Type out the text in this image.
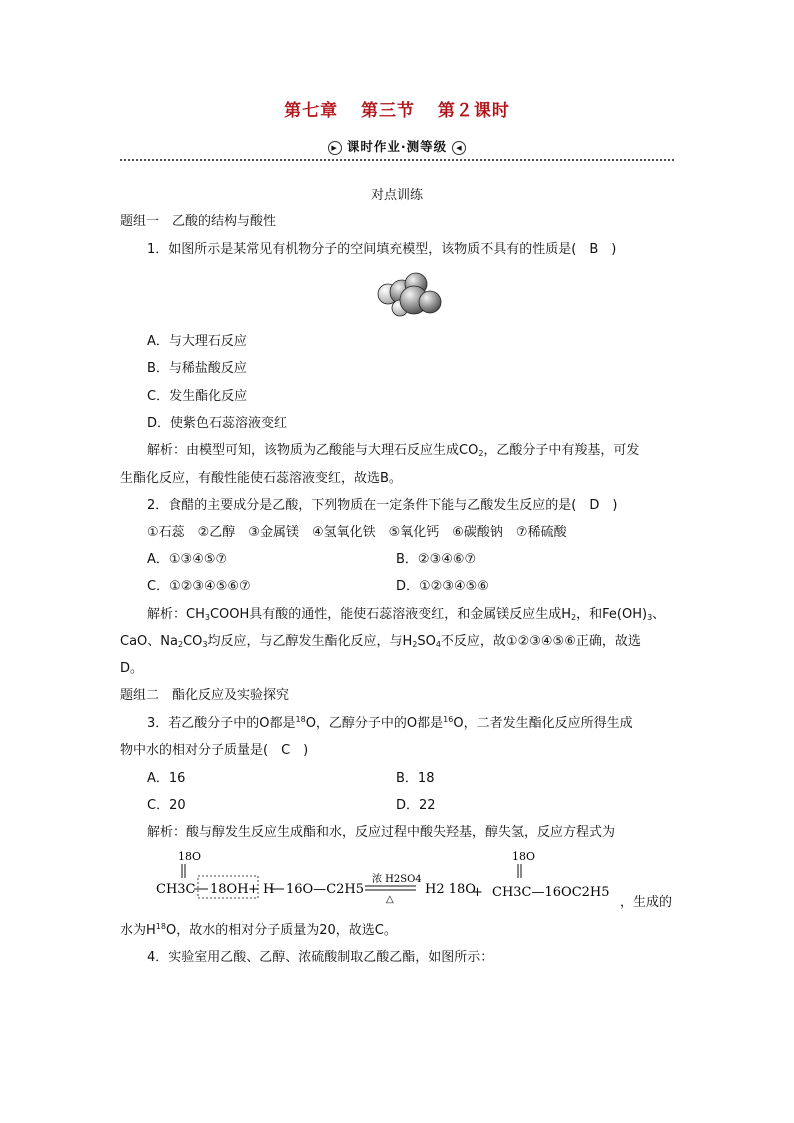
第七章 第三节 第２课时
▶ 课时作业·测等级 ◀
对点训练
题组一　乙酸的结构与酸性
1．如图所示是某常见有机物分子的空间填充模型，该物质不具有的性质是(　B　)
A．与大理石反应
B．与稀盐酸反应
C．发生酯化反应
D．使紫色石蕊溶液变红
解析：由模型可知，该物质为乙酸能与大理石反应生成$CO_2$，乙酸分子中有羧基，可发
生酯化反应，有酸性能使石蕊溶液变红，故选B。
2．食醋的主要成分是乙酸，下列物质在一定条件下能与乙酸发生反应的是(　D　)
①石蕊　②乙醇　③金属镁　④氢氧化铁　⑤氧化钙　⑥碳酸钠　⑦稀硫酸
A．①③④⑤⑦	B．②③④⑥⑦
C．①②③④⑤⑥⑦	D．①②③④⑤⑥
解析：$CH_3COOH$具有酸的通性，能使石蕊溶液变红，和金属镁反应生成$H_2$，和$Fe(OH)_3$、
CaO、$Na_2CO_3$均反应，与乙醇发生酯化反应，与$H_2SO_4$不反应，故①②③④⑤⑥正确，故选
D。
题组二　酯化反应及实验探究
3．若乙酸分子中的O都是$^{18}$O，乙醇分子中的O都是$^{16}$O，二者发生酯化反应所得生成
物中水的相对分子质量是(　C　)
A．16	B．18
C．20	D．22
解析：酸与醇发生反应生成酯和水，反应过程中酸失羟基，醇失氢，反应方程式为
18O
CH3C 18OH + H 16O—C2H5
浓 H2SO4
△
H2 18O
+
18O
CH3C—16OC2H5
，生成的
水为$H^{18}O$，故水的相对分子质量为20，故选C。
4．实验室用乙酸、乙醇、浓硫酸制取乙酸乙酯，如图所示：
